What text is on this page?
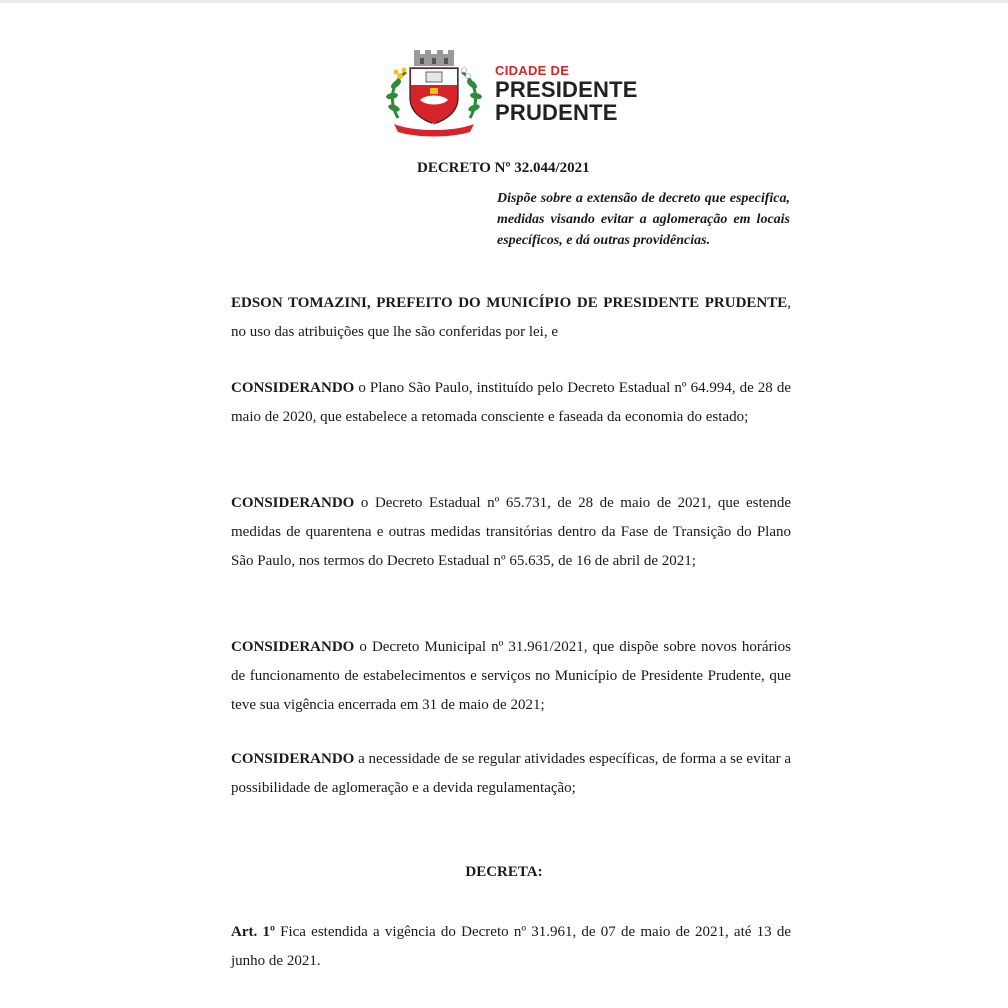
PRESIDENTE PRUDENTE
CIDADE DE
PRESIDENTE
PRUDENTE
DECRETO Nº 32.044/2021
Dispõe sobre a extensão de decreto que especifica, medidas visando evitar a aglomeração em locais específicos, e dá outras providências.
EDSON TOMAZINI, PREFEITO DO MUNICÍPIO DE PRESIDENTE PRUDENTE, no uso das atribuições que lhe são conferidas por lei, e
CONSIDERANDO o Plano São Paulo, instituído pelo Decreto Estadual nº 64.994, de 28 de maio de 2020, que estabelece a retomada consciente e faseada da economia do estado;
CONSIDERANDO o Decreto Estadual nº 65.731, de 28 de maio de 2021, que estende medidas de quarentena e outras medidas transitórias dentro da Fase de Transição do Plano São Paulo, nos termos do Decreto Estadual nº 65.635, de 16 de abril de 2021;
CONSIDERANDO o Decreto Municipal nº 31.961/2021, que dispõe sobre novos horários de funcionamento de estabelecimentos e serviços no Município de Presidente Prudente, que teve sua vigência encerrada em 31 de maio de 2021;
CONSIDERANDO a necessidade de se regular atividades específicas, de forma a se evitar a possibilidade de aglomeração e a devida regulamentação;
DECRETA:
Art. 1º Fica estendida a vigência do Decreto nº 31.961, de 07 de maio de 2021, até 13 de junho de 2021.
